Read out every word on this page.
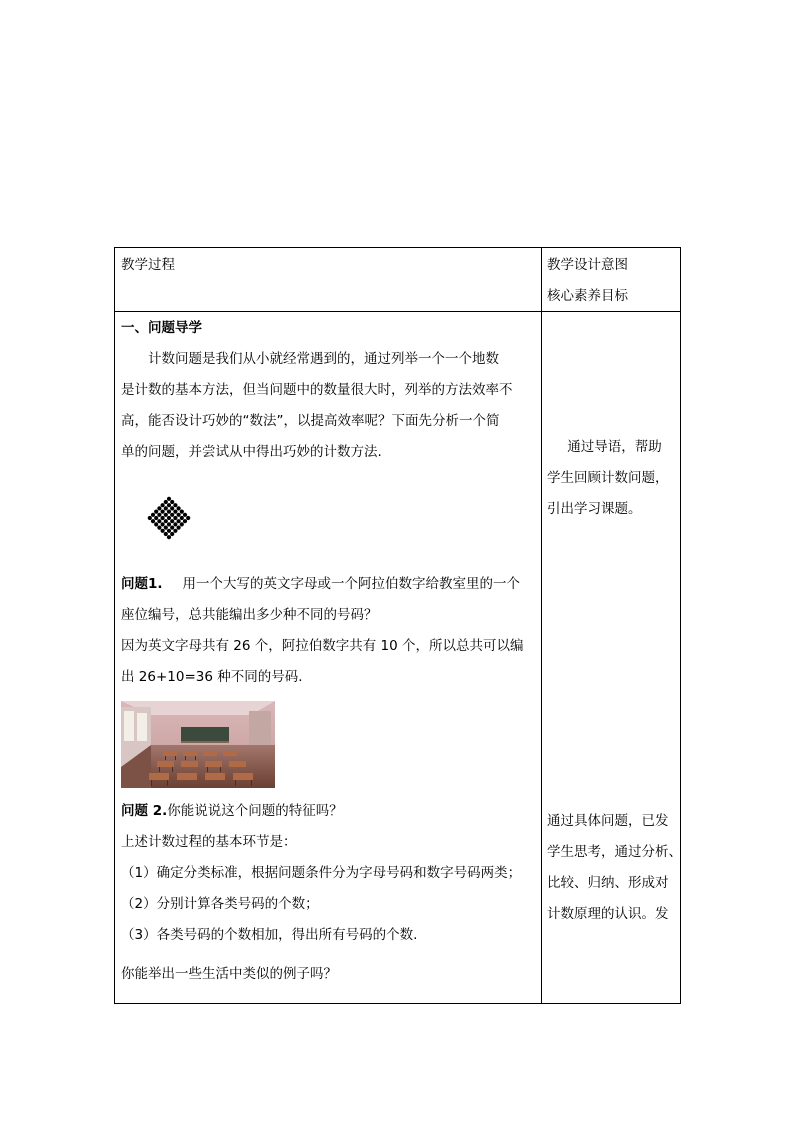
教学过程	教学设计意图
核心素养目标
一、问题导学
计数问题是我们从小就经常遇到的，通过列举一个一个地数
是计数的基本方法，但当问题中的数量很大时，列举的方法效率不
高，能否设计巧妙的“数法”，以提高效率呢？下面先分析一个简
单的问题，并尝试从中得出巧妙的计数方法.
问题1. 用一个大写的英文字母或一个阿拉伯数字给教室里的一个
座位编号，总共能编出多少种不同的号码？
因为英文字母共有 26 个，阿拉伯数字共有 10 个，所以总共可以编
出 26+10=36 种不同的号码.
问题 2.你能说说这个问题的特征吗？
上述计数过程的基本环节是：
（1）确定分类标准，根据问题条件分为字母号码和数字号码两类；
（2）分别计算各类号码的个数；
（3）各类号码的个数相加，得出所有号码的个数.
你能举出一些生活中类似的例子吗？
通过导语，帮助
学生回顾计数问题，
引出学习课题。
通过具体问题，已发
学生思考，通过分析、
比较、归纳、形成对
计数原理的认识。发
